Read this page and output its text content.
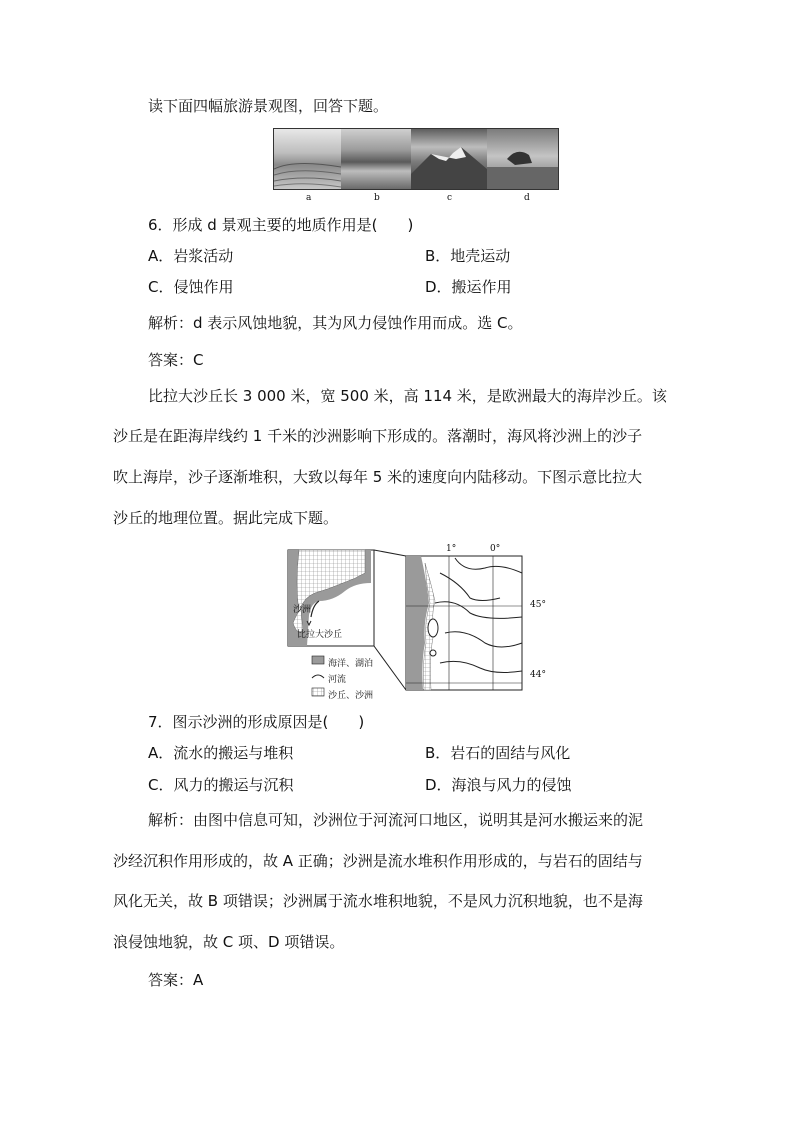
读下面四幅旅游景观图，回答下题。
a	b	c	d
6．形成 d 景观主要的地质作用是(　　)
A．岩浆活动	B．地壳运动
C．侵蚀作用	D．搬运作用
解析：d 表示风蚀地貌，其为风力侵蚀作用而成。选 C。
答案：C
比拉大沙丘长 3 000 米，宽 500 米，高 114 米，是欧洲最大的海岸沙丘。该
沙丘是在距海岸线约 1 千米的沙洲影响下形成的。落潮时，海风将沙洲上的沙子
吹上海岸，沙子逐渐堆积，大致以每年 5 米的速度向内陆移动。下图示意比拉大
沙丘的地理位置。据此完成下题。
沙洲
比拉大沙丘
1°	0°
45°
44°
海洋、湖泊
河流
沙丘、沙洲
7．图示沙洲的形成原因是(　　)
A．流水的搬运与堆积	B．岩石的固结与风化
C．风力的搬运与沉积	D．海浪与风力的侵蚀
解析：由图中信息可知，沙洲位于河流河口地区，说明其是河水搬运来的泥
沙经沉积作用形成的，故 A 正确；沙洲是流水堆积作用形成的，与岩石的固结与
风化无关，故 B 项错误；沙洲属于流水堆积地貌，不是风力沉积地貌，也不是海
浪侵蚀地貌，故 C 项、D 项错误。
答案：A
